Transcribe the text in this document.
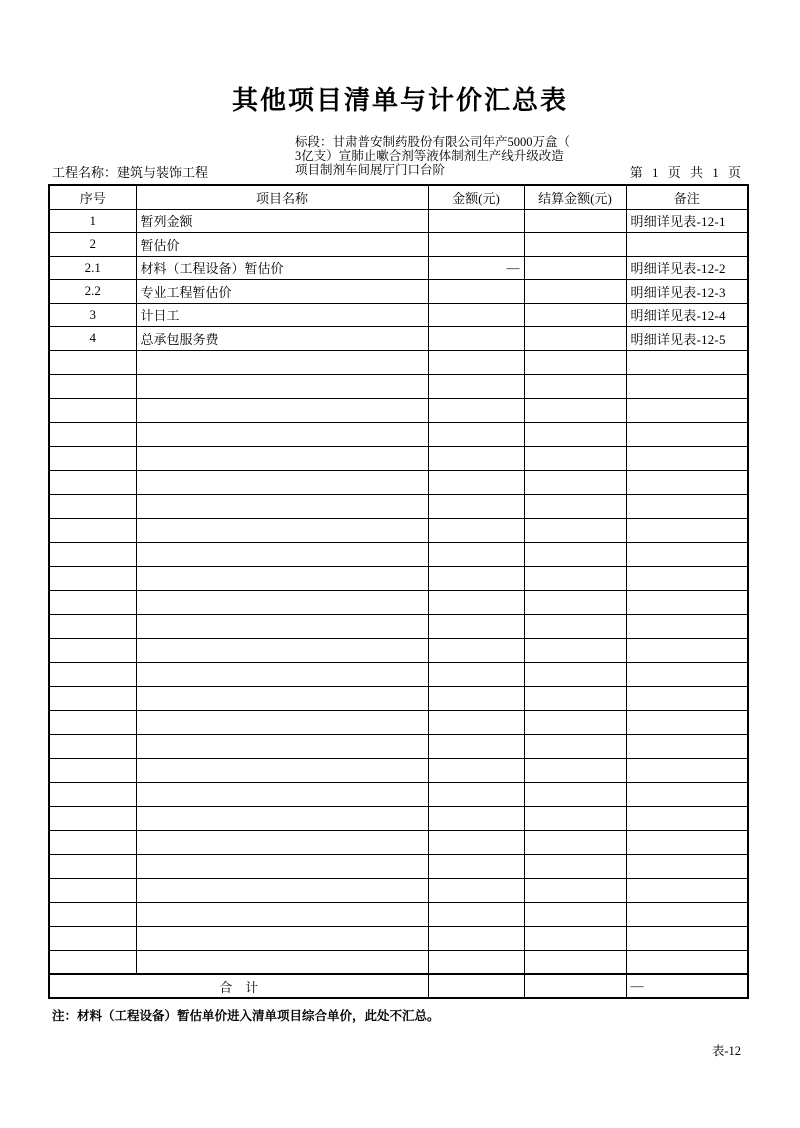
其他项目清单与计价汇总表
标段：甘肃普安制药股份有限公司年产5000万盒（
3亿支）宣肺止嗽合剂等液体制剂生产线升级改造
项目制剂车间展厅门口台阶
工程名称：建筑与装饰工程	第 1 页 共 1 页
序号	项目名称	金额(元)	结算金额(元)	备注
1	暂列金额			明细详见表-12-1
2	暂估价			
2.1	材料（工程设备）暂估价	—		明细详见表-12-2
2.2	专业工程暂估价			明细详见表-12-3
3	计日工			明细详见表-12-4
4	总承包服务费			明细详见表-12-5

合　计				—
注：材料（工程设备）暂估单价进入清单项目综合单价，此处不汇总。
表-12
